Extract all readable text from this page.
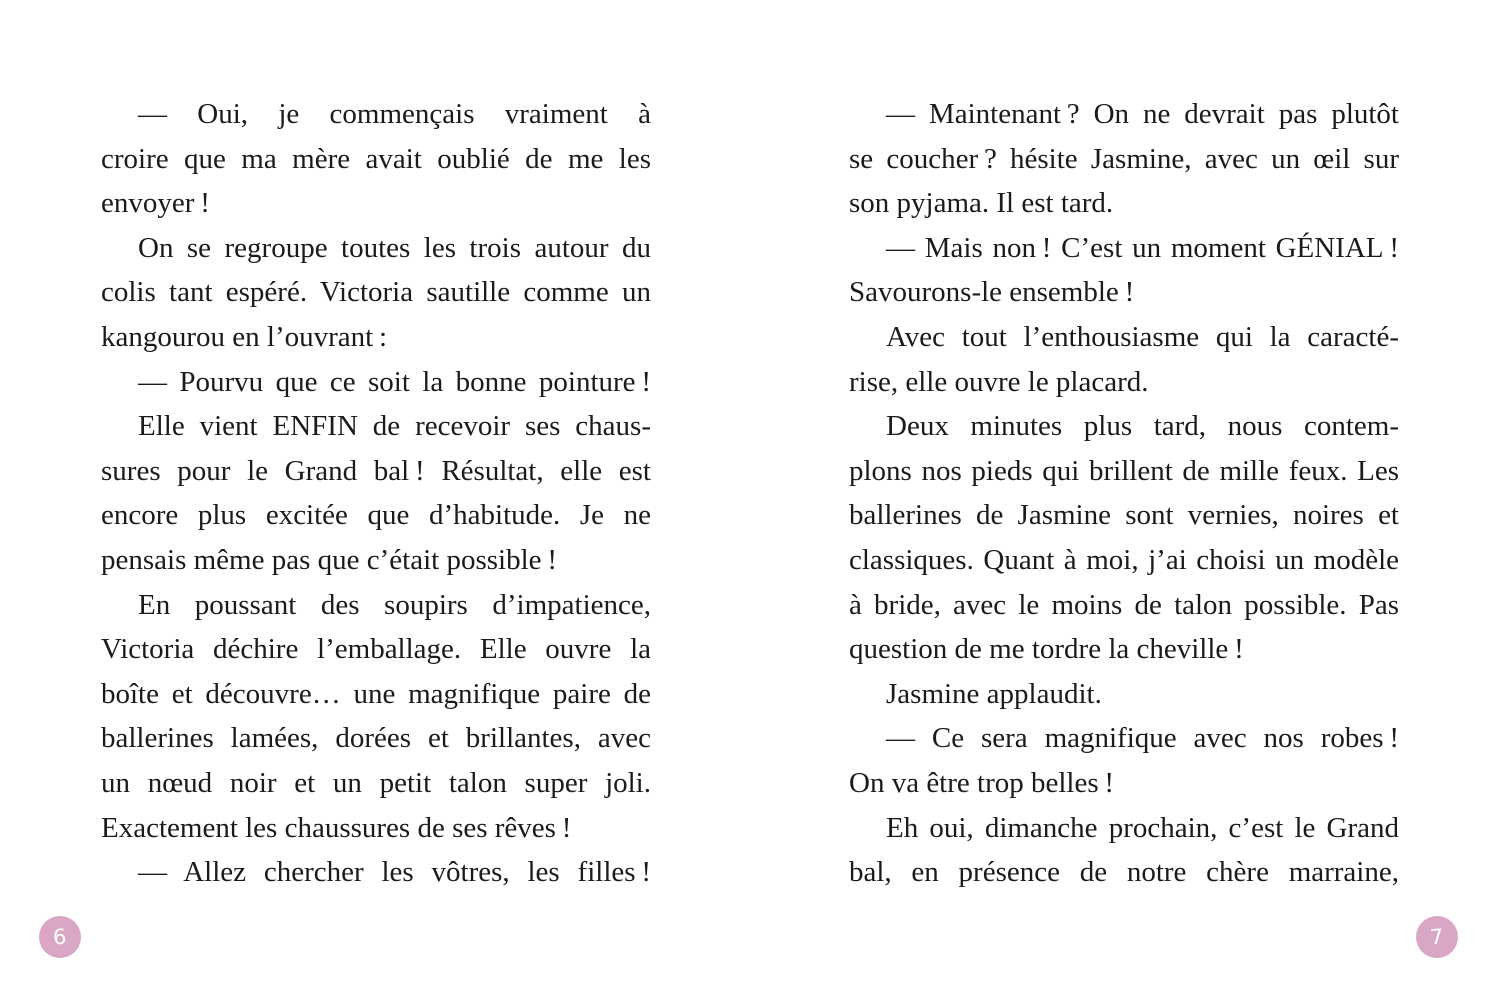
— Oui, je commençais vraiment à
croire que ma mère avait oublié de me les
envoyer !
On se regroupe toutes les trois autour du
colis tant espéré. Victoria sautille comme un
kangourou en l’ouvrant :
— Pourvu que ce soit la bonne pointure !
Elle vient ENFIN de recevoir ses chaus-
sures pour le Grand bal ! Résultat, elle est
encore plus excitée que d’habitude. Je ne
pensais même pas que c’était possible !
En poussant des soupirs d’impatience,
Victoria déchire l’emballage. Elle ouvre la
boîte et découvre… une magnifique paire de
ballerines lamées, dorées et brillantes, avec
un nœud noir et un petit talon super joli.
Exactement les chaussures de ses rêves !
— Allez chercher les vôtres, les filles !
6
— Maintenant ? On ne devrait pas plutôt
se coucher ? hésite Jasmine, avec un œil sur
son pyjama. Il est tard.
— Mais non ! C’est un moment GÉNIAL !
Savourons-le ensemble !
Avec tout l’enthousiasme qui la caracté-
rise, elle ouvre le placard.
Deux minutes plus tard, nous contem-
plons nos pieds qui brillent de mille feux. Les
ballerines de Jasmine sont vernies, noires et
classiques. Quant à moi, j’ai choisi un modèle
à bride, avec le moins de talon possible. Pas
question de me tordre la cheville !
Jasmine applaudit.
— Ce sera magnifique avec nos robes !
On va être trop belles !
Eh oui, dimanche prochain, c’est le Grand
bal, en présence de notre chère marraine,
7
